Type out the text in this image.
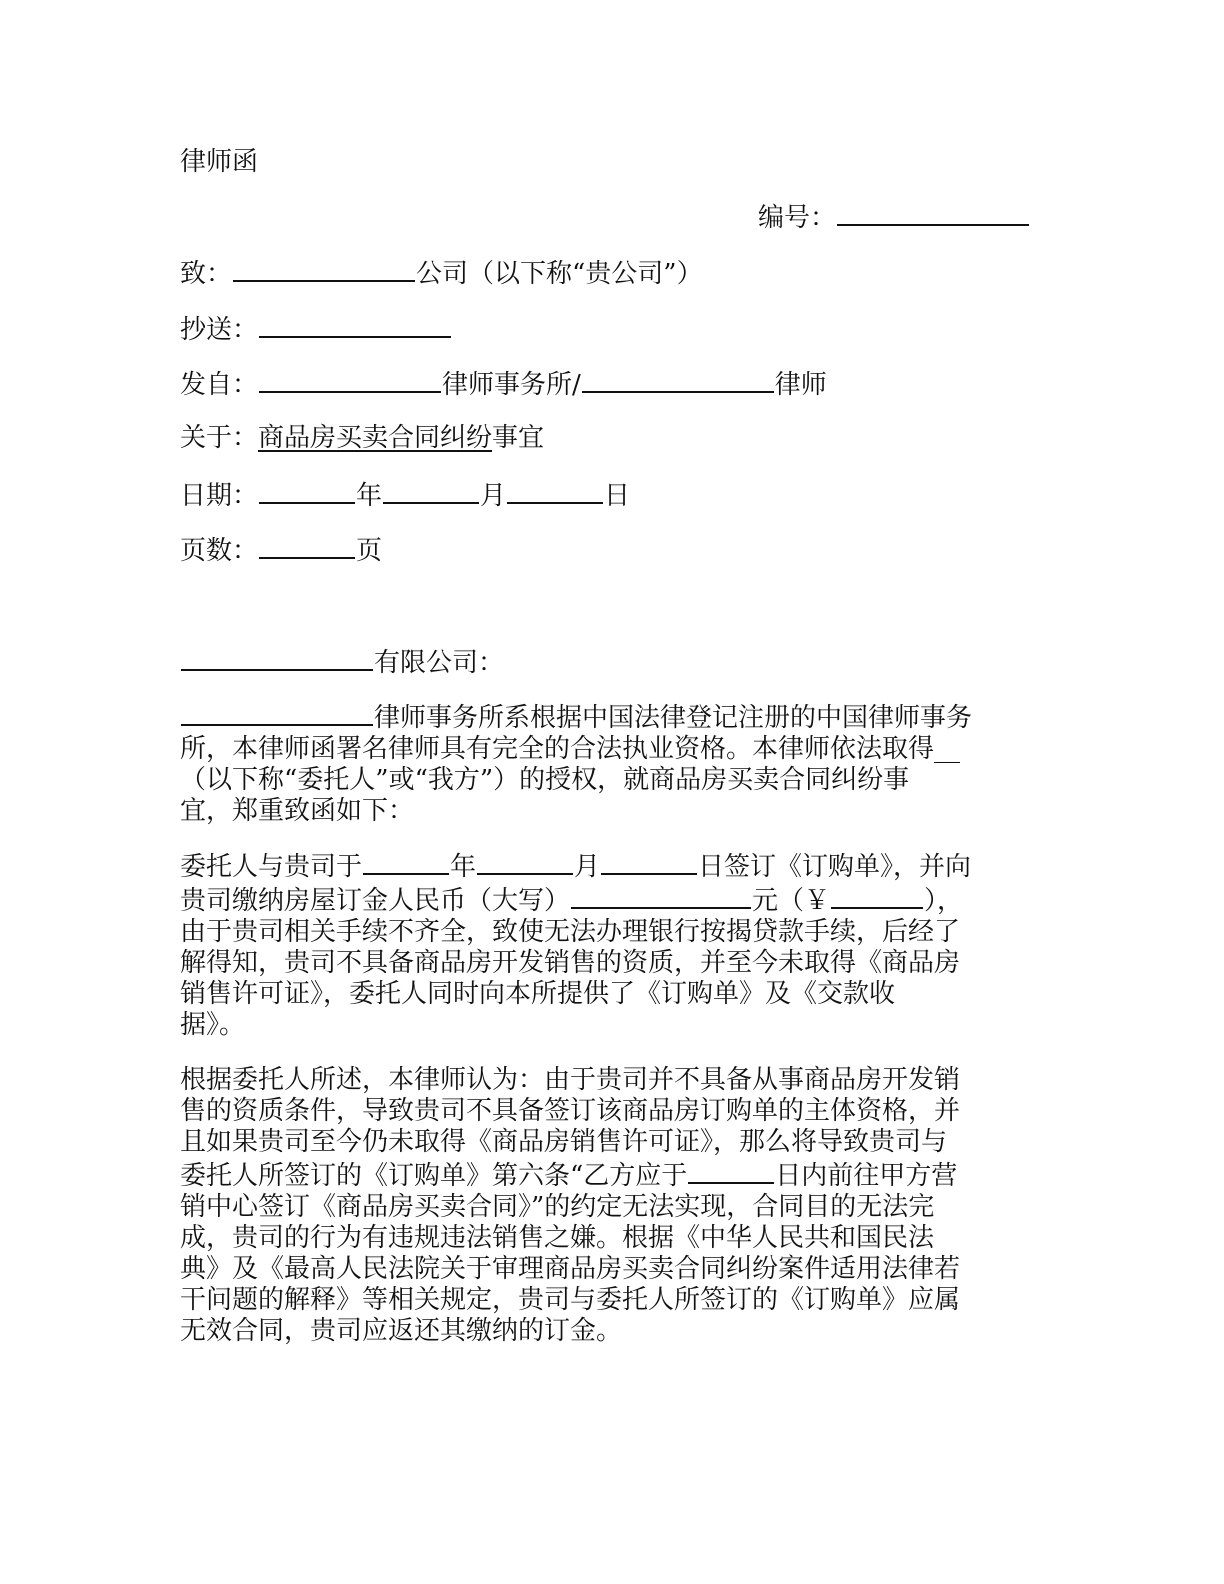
律师函
编号：
致：	公司（以下称“贵公司”）
抄送：
发自：	律师事务所/	律师
关于：商品房买卖合同纠纷事宜
日期：	年	月	日
页数：	页
有限公司：
律师事务所系根据中国法律登记注册的中国律师事务
所，本律师函署名律师具有完全的合法执业资格。本律师依法取得__
（以下称“委托人”或“我方”）的授权，就商品房买卖合同纠纷事
宜，郑重致函如下：
委托人与贵司于	年	月	日签订《订购单》，并向
贵司缴纳房屋订金人民币（大写）	元（￥	），
由于贵司相关手续不齐全，致使无法办理银行按揭贷款手续，后经了
解得知，贵司不具备商品房开发销售的资质，并至今未取得《商品房
销售许可证》，委托人同时向本所提供了《订购单》及《交款收
据》。
根据委托人所述，本律师认为：由于贵司并不具备从事商品房开发销
售的资质条件，导致贵司不具备签订该商品房订购单的主体资格，并
且如果贵司至今仍未取得《商品房销售许可证》，那么将导致贵司与
委托人所签订的《订购单》第六条“乙方应于	日内前往甲方营
销中心签订《商品房买卖合同》”的约定无法实现，合同目的无法完
成，贵司的行为有违规违法销售之嫌。根据《中华人民共和国民法
典》及《最高人民法院关于审理商品房买卖合同纠纷案件适用法律若
干问题的解释》等相关规定，贵司与委托人所签订的《订购单》应属
无效合同，贵司应返还其缴纳的订金。
